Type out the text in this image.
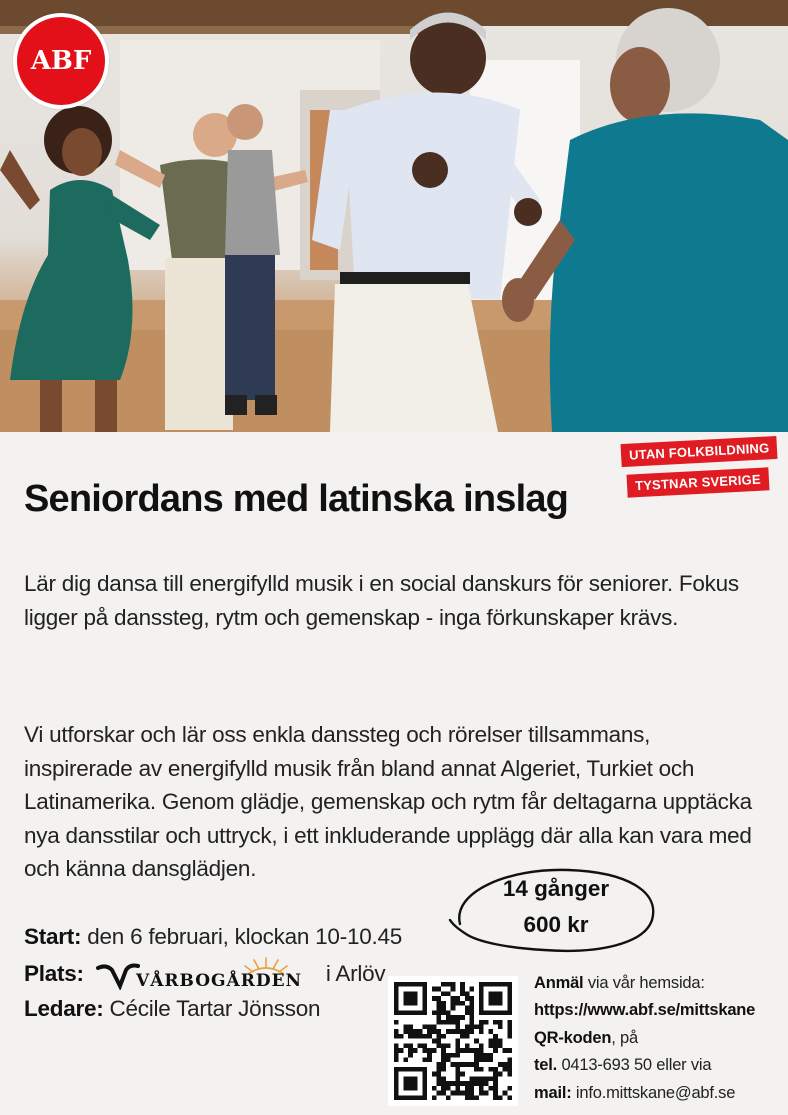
ABF
UTAN FOLKBILDNING
TYSTNAR SVERIGE
Seniordans med latinska inslag

Lär dig dansa till energifylld musik i en social danskurs för seniorer. Fokus ligger på danssteg, rytm och gemenskap - inga förkunskaper krävs.

Vi utforskar och lär oss enkla danssteg och rörelser tillsammans, inspirerade av energifylld musik från bland annat Algeriet, Turkiet och Latinamerika. Genom glädje, gemenskap och rytm får deltagarna upptäcka nya dansstilar och uttryck, i ett inkluderande upplägg där alla kan vara med och känna dansglädjen.

14 gånger
600 kr
Start: den 6 februari, klockan 10-10.45
Plats:	VÅRBOGÅRDEN i Arlöv
Ledare: Cécile Tartar Jönsson
Anmäl via vår hemsida:
https://www.abf.se/mittskane
QR-koden, på
tel. 0413-693 50 eller via
mail: info.mittskane@abf.se
